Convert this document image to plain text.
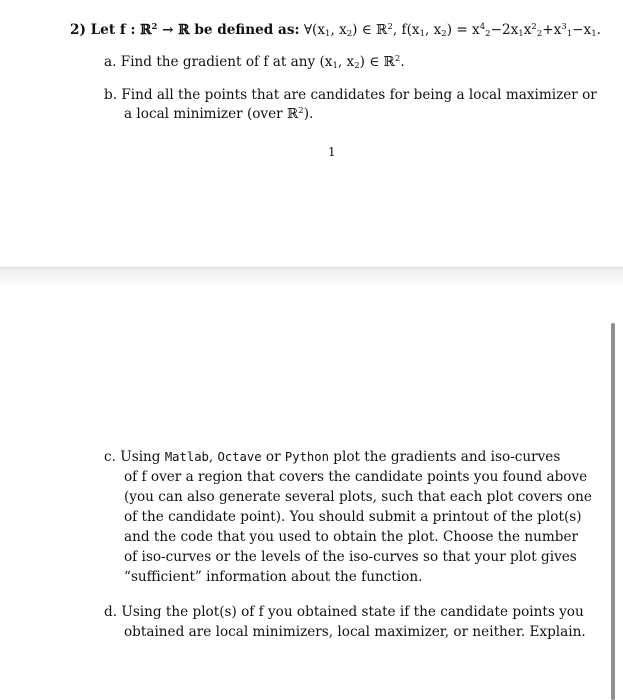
2) Let f : ℝ$^2$ → ℝ be defined as: $\forall(x_1$, $x_2$) ∈ ℝ$^2$, $f(x_1$, $x_2) = x^4_2-2x_1x^2_2+x^3_1-x_1$.
a. Find the gradient of f at any ($x_1$, $x_2$) ∈ ℝ$^2$.
b. Find all the points that are candidates for being a local maximizer or
a local minimizer (over ℝ$^2$).
1
c. Using Matlab, Octave or Python plot the gradients and iso-curves
of f over a region that covers the candidate points you found above
(you can also generate several plots, such that each plot covers one
of the candidate point). You should submit a printout of the plot(s)
and the code that you used to obtain the plot. Choose the number
of iso-curves or the levels of the iso-curves so that your plot gives
“sufficient” information about the function.
d. Using the plot(s) of f you obtained state if the candidate points you
obtained are local minimizers, local maximizer, or neither. Explain.
